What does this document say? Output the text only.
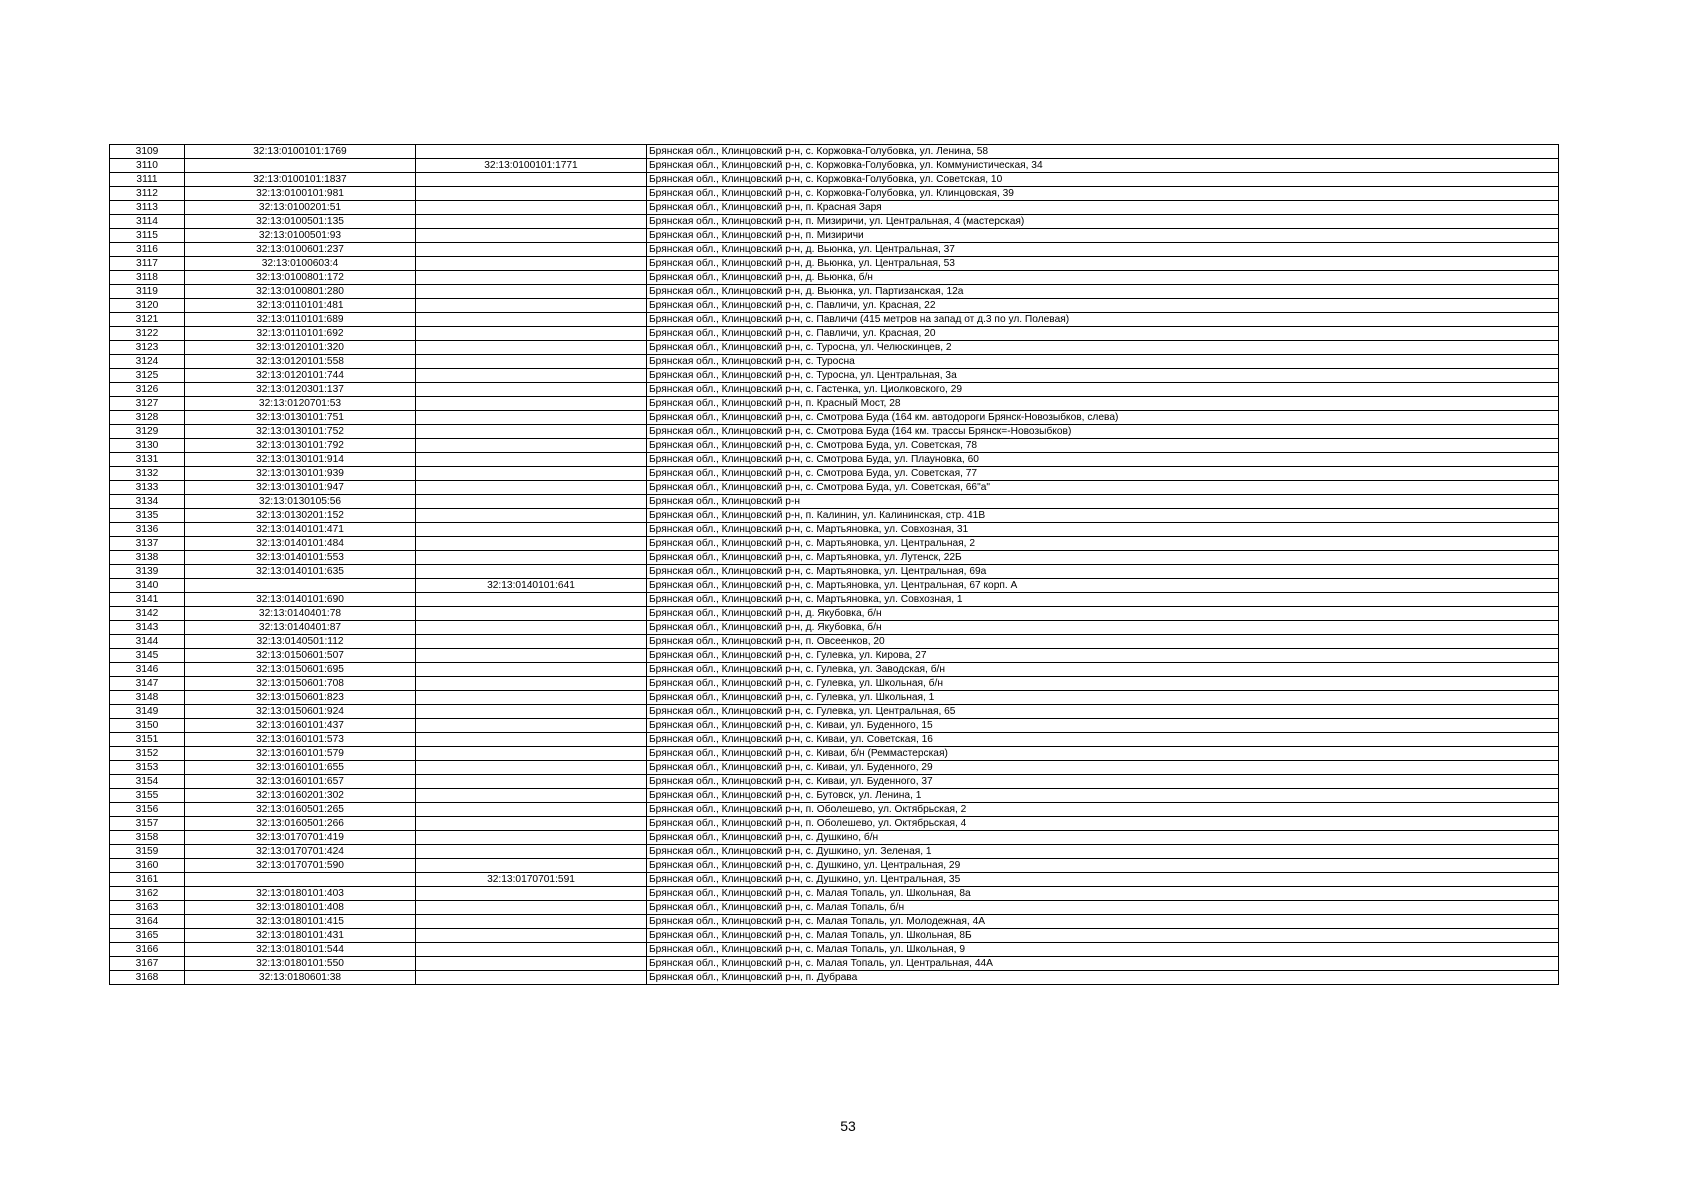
3109	32:13:0100101:1769		Брянская обл., Клинцовский р-н, с. Коржовка-Голубовка, ул. Ленина, 58
3110		32:13:0100101:1771	Брянская обл., Клинцовский р-н, с. Коржовка-Голубовка, ул. Коммунистическая, 34
3111	32:13:0100101:1837		Брянская обл., Клинцовский р-н, с. Коржовка-Голубовка, ул. Советская, 10
3112	32:13:0100101:981		Брянская обл., Клинцовский р-н, с. Коржовка-Голубовка, ул. Клинцовская, 39
3113	32:13:0100201:51		Брянская обл., Клинцовский р-н, п. Красная Заря
3114	32:13:0100501:135		Брянская обл., Клинцовский р-н, п. Мизиричи, ул. Центральная, 4 (мастерская)
3115	32:13:0100501:93		Брянская обл., Клинцовский р-н, п. Мизиричи
3116	32:13:0100601:237		Брянская обл., Клинцовский р-н, д. Вьюнка, ул. Центральная, 37
3117	32:13:0100603:4		Брянская обл., Клинцовский р-н, д. Вьюнка, ул. Центральная, 53
3118	32:13:0100801:172		Брянская обл., Клинцовский р-н, д. Вьюнка, б/н
3119	32:13:0100801:280		Брянская обл., Клинцовский р-н, д. Вьюнка, ул. Партизанская, 12а
3120	32:13:0110101:481		Брянская обл., Клинцовский р-н, с. Павличи, ул. Красная, 22
3121	32:13:0110101:689		Брянская обл., Клинцовский р-н, с. Павличи (415 метров на запад от д.3 по ул. Полевая)
3122	32:13:0110101:692		Брянская обл., Клинцовский р-н, с. Павличи, ул. Красная, 20
3123	32:13:0120101:320		Брянская обл., Клинцовский р-н, с. Туросна, ул. Челюскинцев, 2
3124	32:13:0120101:558		Брянская обл., Клинцовский р-н, с. Туросна
3125	32:13:0120101:744		Брянская обл., Клинцовский р-н, с. Туросна, ул. Центральная, 3а
3126	32:13:0120301:137		Брянская обл., Клинцовский р-н, с. Гастенка, ул. Циолковского, 29
3127	32:13:0120701:53		Брянская обл., Клинцовский р-н, п. Красный Мост, 28
3128	32:13:0130101:751		Брянская обл., Клинцовский р-н, с. Смотрова Буда (164 км. автодороги Брянск-Новозыбков, слева)
3129	32:13:0130101:752		Брянская обл., Клинцовский р-н, с. Смотрова Буда (164 км. трассы Брянск=-Новозыбков)
3130	32:13:0130101:792		Брянская обл., Клинцовский р-н, с. Смотрова Буда, ул. Советская, 78
3131	32:13:0130101:914		Брянская обл., Клинцовский р-н, с. Смотрова Буда, ул. Плауновка, 60
3132	32:13:0130101:939		Брянская обл., Клинцовский р-н, с. Смотрова Буда, ул. Советская, 77
3133	32:13:0130101:947		Брянская обл., Клинцовский р-н, с. Смотрова Буда, ул. Советская, 66"а"
3134	32:13:0130105:56		Брянская обл., Клинцовский р-н
3135	32:13:0130201:152		Брянская обл., Клинцовский р-н, п. Калинин, ул. Калининская, стр. 41В
3136	32:13:0140101:471		Брянская обл., Клинцовский р-н, с. Мартьяновка, ул. Совхозная, 31
3137	32:13:0140101:484		Брянская обл., Клинцовский р-н, с. Мартьяновка, ул. Центральная, 2
3138	32:13:0140101:553		Брянская обл., Клинцовский р-н, с. Мартьяновка, ул. Лутенск, 22Б
3139	32:13:0140101:635		Брянская обл., Клинцовский р-н, с. Мартьяновка, ул. Центральная, 69а
3140		32:13:0140101:641	Брянская обл., Клинцовский р-н, с. Мартьяновка, ул. Центральная, 67 корп. А
3141	32:13:0140101:690		Брянская обл., Клинцовский р-н, с. Мартьяновка, ул. Совхозная, 1
3142	32:13:0140401:78		Брянская обл., Клинцовский р-н, д. Якубовка, б/н
3143	32:13:0140401:87		Брянская обл., Клинцовский р-н, д. Якубовка, б/н
3144	32:13:0140501:112		Брянская обл., Клинцовский р-н, п. Овсеенков, 20
3145	32:13:0150601:507		Брянская обл., Клинцовский р-н, с. Гулевка, ул. Кирова, 27
3146	32:13:0150601:695		Брянская обл., Клинцовский р-н, с. Гулевка, ул. Заводская, б/н
3147	32:13:0150601:708		Брянская обл., Клинцовский р-н, с. Гулевка, ул. Школьная, б/н
3148	32:13:0150601:823		Брянская обл., Клинцовский р-н, с. Гулевка, ул. Школьная, 1
3149	32:13:0150601:924		Брянская обл., Клинцовский р-н, с. Гулевка, ул. Центральная, 65
3150	32:13:0160101:437		Брянская обл., Клинцовский р-н, с. Киваи, ул. Буденного, 15
3151	32:13:0160101:573		Брянская обл., Клинцовский р-н, с. Киваи, ул. Советская, 16
3152	32:13:0160101:579		Брянская обл., Клинцовский р-н, с. Киваи, б/н (Реммастерская)
3153	32:13:0160101:655		Брянская обл., Клинцовский р-н, с. Киваи, ул. Буденного, 29
3154	32:13:0160101:657		Брянская обл., Клинцовский р-н, с. Киваи, ул. Буденного, 37
3155	32:13:0160201:302		Брянская обл., Клинцовский р-н, с. Бутовск, ул. Ленина, 1
3156	32:13:0160501:265		Брянская обл., Клинцовский р-н, п. Оболешево, ул. Октябрьская, 2
3157	32:13:0160501:266		Брянская обл., Клинцовский р-н, п. Оболешево, ул. Октябрьская, 4
3158	32:13:0170701:419		Брянская обл., Клинцовский р-н, с. Душкино, б/н
3159	32:13:0170701:424		Брянская обл., Клинцовский р-н, с. Душкино, ул. Зеленая, 1
3160	32:13:0170701:590		Брянская обл., Клинцовский р-н, с. Душкино, ул. Центральная, 29
3161		32:13:0170701:591	Брянская обл., Клинцовский р-н, с. Душкино, ул. Центральная, 35
3162	32:13:0180101:403		Брянская обл., Клинцовский р-н, с. Малая Топаль, ул. Школьная, 8а
3163	32:13:0180101:408		Брянская обл., Клинцовский р-н, с. Малая Топаль, б/н
3164	32:13:0180101:415		Брянская обл., Клинцовский р-н, с. Малая Топаль, ул. Молодежная, 4А
3165	32:13:0180101:431		Брянская обл., Клинцовский р-н, с. Малая Топаль, ул. Школьная, 8Б
3166	32:13:0180101:544		Брянская обл., Клинцовский р-н, с. Малая Топаль, ул. Школьная, 9
3167	32:13:0180101:550		Брянская обл., Клинцовский р-н, с. Малая Топаль, ул. Центральная, 44А
3168	32:13:0180601:38		Брянская обл., Клинцовский р-н, п. Дубрава
53
